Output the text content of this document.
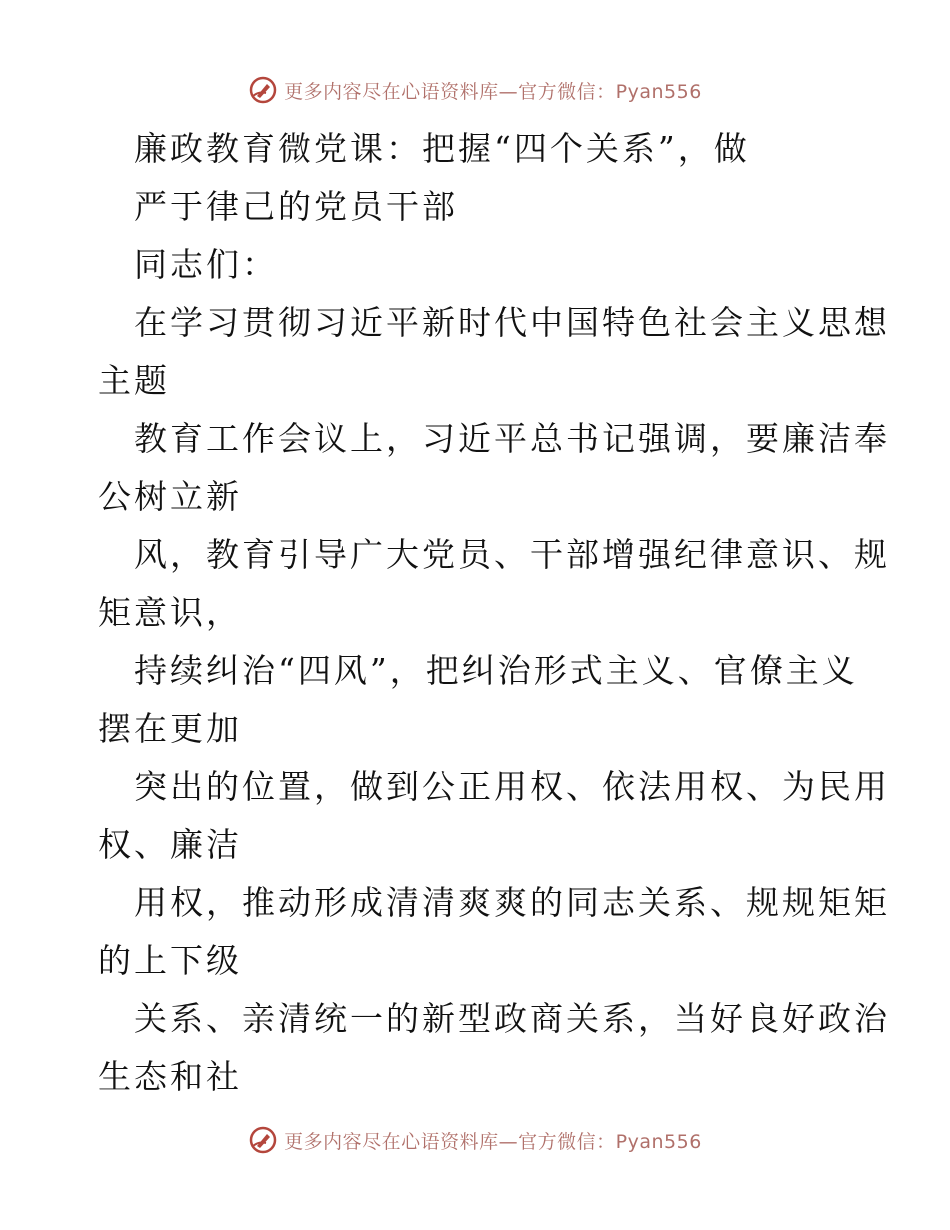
更多内容尽在心语资料库—官方微信：Pyan556
廉政教育微党课：把握“四个关系”，做
严于律己的党员干部
同志们：
在学习贯彻习近平新时代中国特色社会主义思想
主题
教育工作会议上，习近平总书记强调，要廉洁奉
公树立新
风，教育引导广大党员、干部增强纪律意识、规
矩意识，
持续纠治“四风”，把纠治形式主义、官僚主义
摆在更加
突出的位置，做到公正用权、依法用权、为民用
权、廉洁
用权，推动形成清清爽爽的同志关系、规规矩矩
的上下级
关系、亲清统一的新型政商关系，当好良好政治
生态和社
更多内容尽在心语资料库—官方微信：Pyan556
